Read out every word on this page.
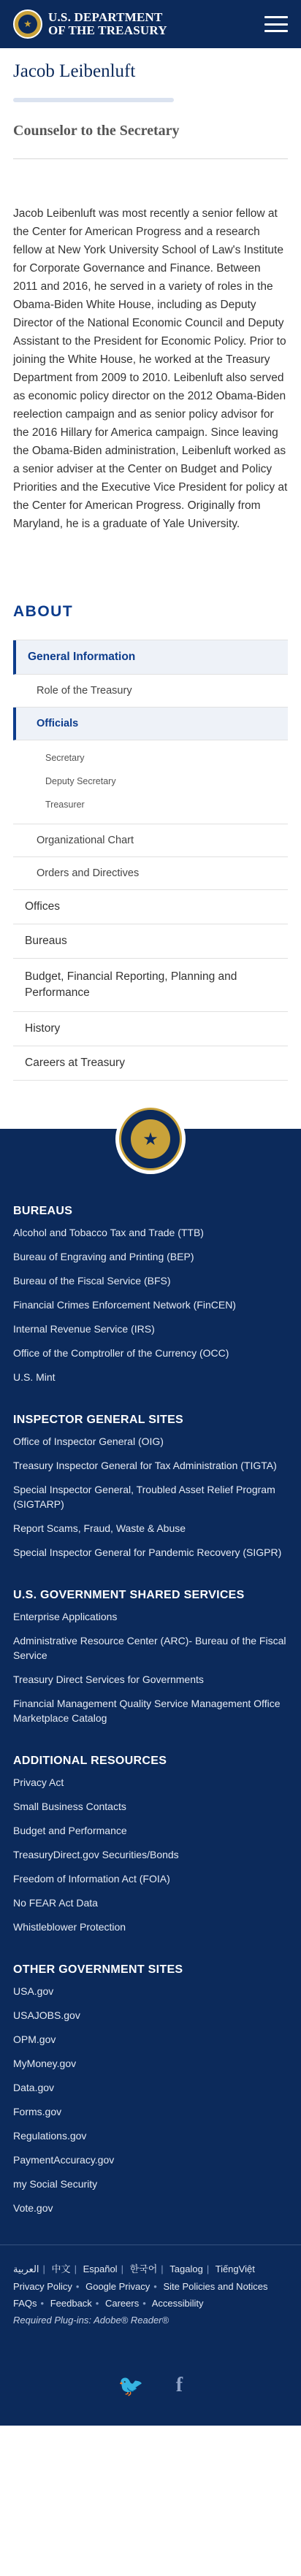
★	U.S. DEPARTMENT
OF THE TREASURY
Jacob Leibenluft
Counselor to the Secretary

Jacob Leibenluft was most recently a senior fellow at the Center for American Progress and a research fellow at New York University School of Law's Institute for Corporate Governance and Finance. Between 2011 and 2016, he served in a variety of roles in the Obama-Biden White House, including as Deputy Director of the National Economic Council and Deputy Assistant to the President for Economic Policy. Prior to joining the White House, he worked at the Treasury Department from 2009 to 2010. Leibenluft also served as economic policy director on the 2012 Obama-Biden reelection campaign and as senior policy advisor for the 2016 Hillary for America campaign. Since leaving the Obama-Biden administration, Leibenluft worked as a senior adviser at the Center on Budget and Policy Priorities and the Executive Vice President for policy at the Center for American Progress. Originally from Maryland, he is a graduate of Yale University.

ABOUT
General Information
Role of the Treasury
Officials
Secretary
Deputy Secretary
Treasurer
Organizational Chart
Orders and Directives
Offices
Bureaus
Budget, Financial Reporting, Planning and Performance
History
Careers at Treasury
★
BUREAUS
Alcohol and Tobacco Tax and Trade (TTB)
Bureau of Engraving and Printing (BEP)
Bureau of the Fiscal Service (BFS)
Financial Crimes Enforcement Network (FinCEN)
Internal Revenue Service (IRS)
Office of the Comptroller of the Currency (OCC)
U.S. Mint
INSPECTOR GENERAL SITES
Office of Inspector General (OIG)
Treasury Inspector General for Tax Administration (TIGTA)
Special Inspector General, Troubled Asset Relief Program (SIGTARP)
Report Scams, Fraud, Waste & Abuse
Special Inspector General for Pandemic Recovery (SIGPR)
U.S. GOVERNMENT SHARED SERVICES
Enterprise Applications
Administrative Resource Center (ARC)- Bureau of the Fiscal Service
Treasury Direct Services for Governments
Financial Management Quality Service Management Office Marketplace Catalog
ADDITIONAL RESOURCES
Privacy Act
Small Business Contacts
Budget and Performance
TreasuryDirect.gov Securities/Bonds
Freedom of Information Act (FOIA)
No FEAR Act Data
Whistleblower Protection
OTHER GOVERNMENT SITES
USA.gov
USAJOBS.gov
OPM.gov
MyMoney.gov
Data.gov
Forms.gov
Regulations.gov
PaymentAccuracy.gov
my Social Security
Vote.gov
العربية | 中文 | Español | 한국어 | Tagalog | TiếngViệt
Privacy Policy • Google Privacy • Site Policies and Notices
FAQs • Feedback • Careers • Accessibility
Required Plug-ins: Adobe® Reader®
🐦 f
